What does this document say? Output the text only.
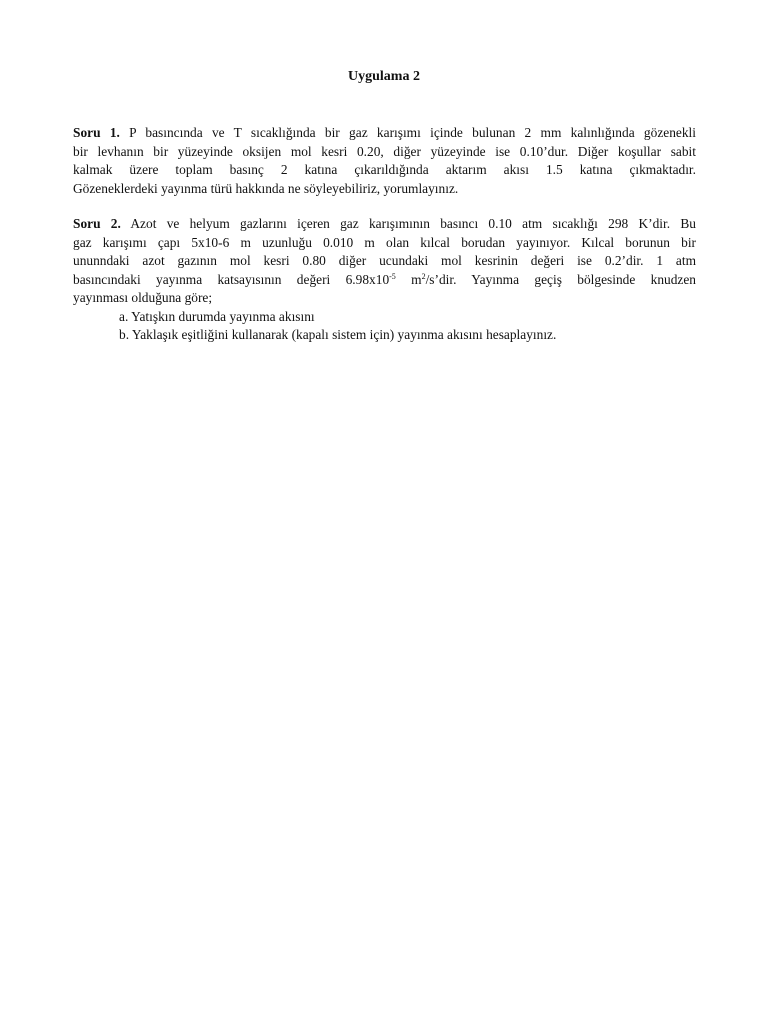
Uygulama 2
Soru 1. P basıncında ve T sıcaklığında bir gaz karışımı içinde bulunan 2 mm kalınlığında gözenekli
bir levhanın bir yüzeyinde oksijen mol kesri 0.20, diğer yüzeyinde ise 0.10’dur. Diğer koşullar sabit
kalmak üzere toplam basınç 2 katına çıkarıldığında aktarım akısı 1.5 katına çıkmaktadır.
Gözeneklerdeki yayınma türü hakkında ne söyleyebiliriz, yorumlayınız.
Soru 2. Azot ve helyum gazlarını içeren gaz karışımının basıncı 0.10 atm sıcaklığı 298 K’dir. Bu
gaz karışımı çapı 5x10-6 m uzunluğu 0.010 m olan kılcal borudan yayınıyor. Kılcal borunun bir
ununndaki azot gazının mol kesri 0.80 diğer ucundaki mol kesrinin değeri ise 0.2’dir. 1 atm
basıncındaki yayınma katsayısının değeri $6.98x10^{-5}$ $m^2/s’dir$. Yayınma geçiş bölgesinde knudzen
yayınması olduğuna göre;
a. Yatışkın durumda yayınma akısını
b. Yaklaşık eşitliğini kullanarak (kapalı sistem için) yayınma akısını hesaplayınız.
